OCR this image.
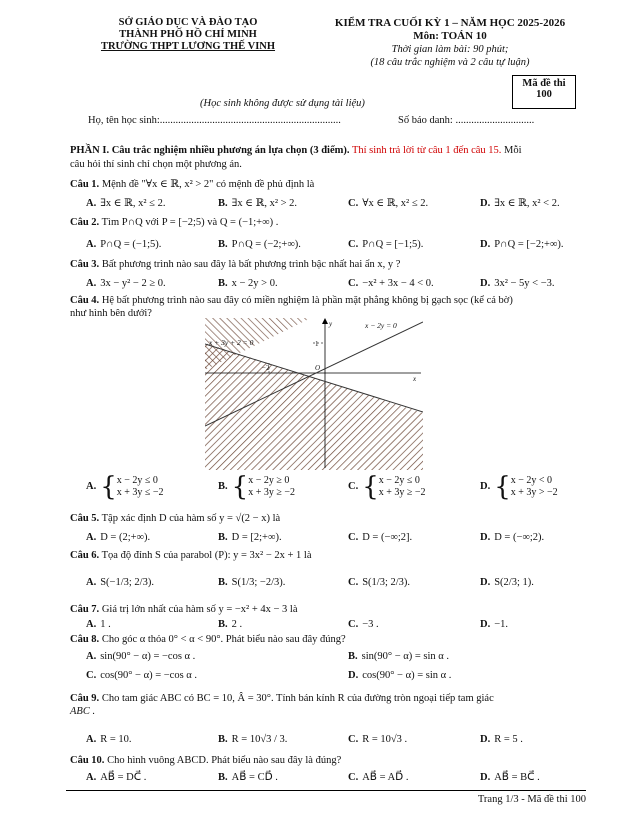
SỞ GIÁO DỤC VÀ ĐÀO TẠO
THÀNH PHỐ HỒ CHÍ MINH
TRƯỜNG THPT LƯƠNG THẾ VINH
KIỂM TRA CUỐI KỲ 1 – NĂM HỌC 2025-2026
Môn: TOÁN 10
Thời gian làm bài: 90 phút;
(18 câu trắc nghiệm và 2 câu tự luận)
Mã đề thi
100
(Học sinh không được sử dụng tài liệu)
Họ, tên học sinh:.....................................................................	Số báo danh: ..............................
PHẦN I. Câu trắc nghiệm nhiều phương án lựa chọn (3 điểm). Thí sinh trả lời từ câu 1 đến câu 15. Mỗi
câu hỏi thí sinh chỉ chọn một phương án.
Câu 1. Mệnh đề "∀x ∈ ℝ, x² > 2" có mệnh đề phủ định là
A. ∃x ∈ ℝ, x² ≤ 2.	B. ∃x ∈ ℝ, x² > 2.	C. ∀x ∈ ℝ, x² ≤ 2.	D. ∃x ∈ ℝ, x² < 2.
Câu 2. Tìm P∩Q với P = [−2;5) và Q = (−1;+∞) .
A. P∩Q = (−1;5).	B. P∩Q = (−2;+∞).	C. P∩Q = [−1;5).	D. P∩Q = [−2;+∞).
Câu 3. Bất phương trình nào sau đây là bất phương trình bậc nhất hai ẩn x, y ?
A. 3x − y² − 2 ≥ 0.	B. x − 2y > 0.	C. −x² + 3x − 4 < 0.	D. 3x² − 5y < −3.
Câu 4. Hệ bất phương trình nào sau đây có miền nghiệm là phần mặt phẳng không bị gạch sọc (kể cả bờ)
như hình bên dưới?
x − 2y = 0
x + 3y + 2 = 0
y
O
1
−2
x
A. {x − 2y ≤ 0
x + 3y ≤ −2
B. {x − 2y ≥ 0
x + 3y ≥ −2
C. {x − 2y ≤ 0
x + 3y ≥ −2
D. {x − 2y < 0
x + 3y > −2
Câu 5. Tập xác định D của hàm số y = √(2 − x) là
A. D = (2;+∞).	B. D = [2;+∞).	C. D = (−∞;2].	D. D = (−∞;2).
Câu 6. Tọa độ đỉnh S của parabol (P): y = 3x² − 2x + 1 là
A. S(−1/3; 2/3).	B. S(1/3; −2/3).	C. S(1/3; 2/3).	D. S(2/3; 1).
Câu 7. Giá trị lớn nhất của hàm số y = −x² + 4x − 3 là
A. 1 .	B. 2 .	C. −3 .	D. −1.
Câu 8. Cho góc α thỏa 0° < α < 90°. Phát biểu nào sau đây đúng?
A. sin(90° − α) = −cos α .	B. sin(90° − α) = sin α .
C. cos(90° − α) = −cos α .	D. cos(90° − α) = sin α .
Câu 9. Cho tam giác ABC có BC = 10, Â = 30°. Tính bán kính R của đường tròn ngoại tiếp tam giác
ABC .
A. R = 10.	B. R = 10√3 / 3.	C. R = 10√3 .	D. R = 5 .
Câu 10. Cho hình vuông ABCD. Phát biểu nào sau đây là đúng?
A. AB⃗ = DC⃗ .	B. AB⃗ = CD⃗ .	C. AB⃗ = AD⃗ .	D. AB⃗ = BC⃗ .
Trang 1/3 - Mã đề thi 100
